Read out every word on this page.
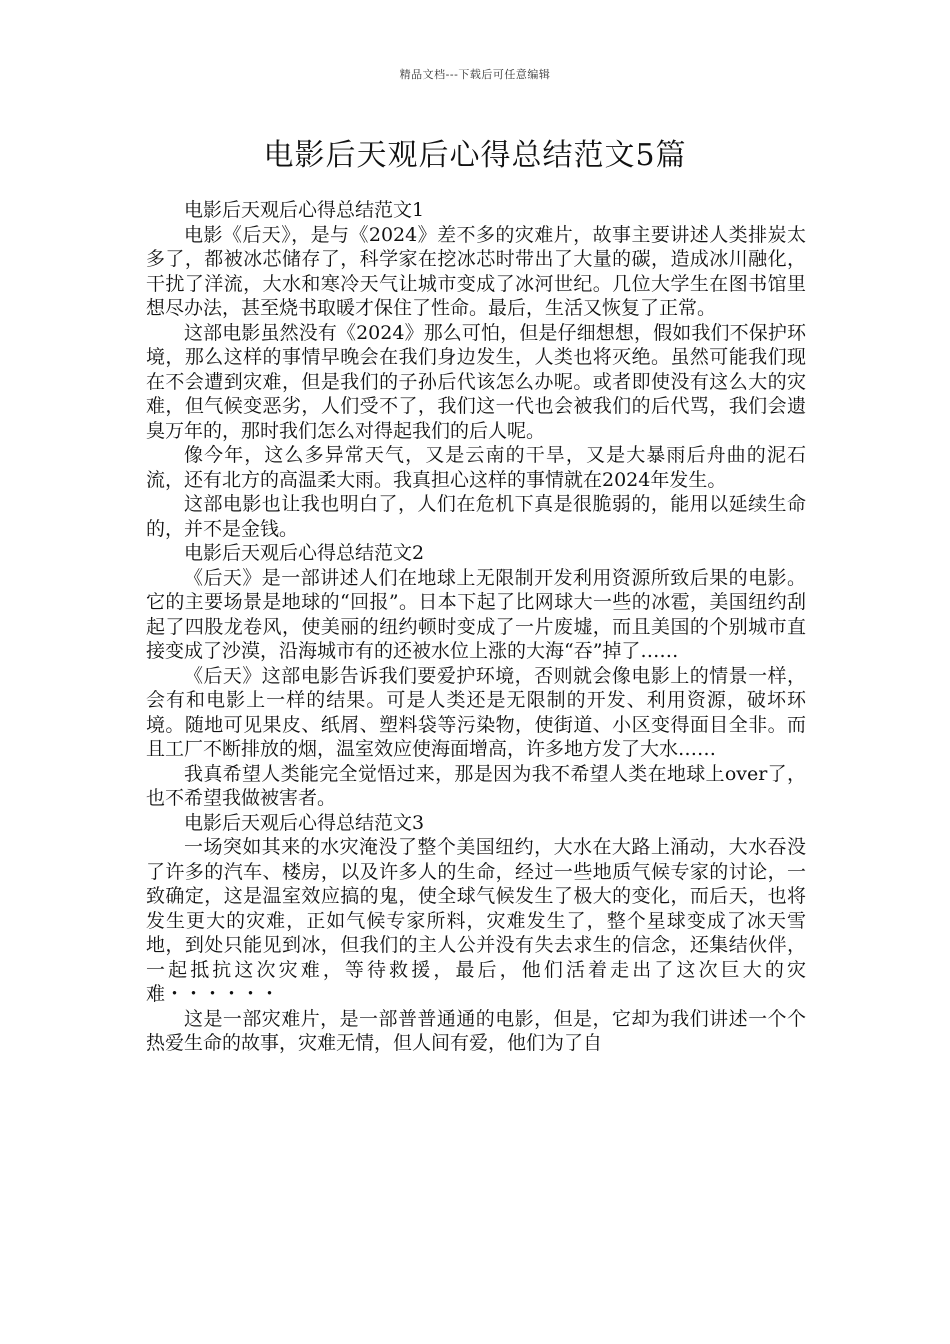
精品文档---下载后可任意编辑
电影后天观后心得总结范文5篇

电影后天观后心得总结范文1

电影《后天》，是与《2024》差不多的灾难片，故事主要讲述人类排炭太多了，都被冰芯储存了，科学家在挖冰芯时带出了大量的碳，造成冰川融化，干扰了洋流，大水和寒冷天气让城市变成了冰河世纪。几位大学生在图书馆里想尽办法，甚至烧书取暖才保住了性命。最后，生活又恢复了正常。

这部电影虽然没有《2024》那么可怕，但是仔细想想，假如我们不保护环境，那么这样的事情早晚会在我们身边发生，人类也将灭绝。虽然可能我们现在不会遭到灾难，但是我们的子孙后代该怎么办呢。或者即使没有这么大的灾难，但气候变恶劣，人们受不了，我们这一代也会被我们的后代骂，我们会遗臭万年的，那时我们怎么对得起我们的后人呢。

像今年，这么多异常天气，又是云南的干旱，又是大暴雨后舟曲的泥石流，还有北方的高温柔大雨。我真担心这样的事情就在2024年发生。

这部电影也让我也明白了，人们在危机下真是很脆弱的，能用以延续生命的，并不是金钱。

电影后天观后心得总结范文2

《后天》是一部讲述人们在地球上无限制开发利用资源所致后果的电影。它的主要场景是地球的“回报”。日本下起了比网球大一些的冰雹，美国纽约刮起了四股龙卷风，使美丽的纽约顿时变成了一片废墟，而且美国的个别城市直接变成了沙漠，沿海城市有的还被水位上涨的大海“吞”掉了……

《后天》这部电影告诉我们要爱护环境，否则就会像电影上的情景一样，会有和电影上一样的结果。可是人类还是无限制的开发、利用资源，破坏环境。随地可见果皮、纸屑、塑料袋等污染物，使街道、小区变得面目全非。而且工厂不断排放的烟，温室效应使海面增高，许多地方发了大水……

我真希望人类能完全觉悟过来，那是因为我不希望人类在地球上over了，也不希望我做被害者。

电影后天观后心得总结范文3

一场突如其来的水灾淹没了整个美国纽约，大水在大路上涌动，大水吞没了许多的汽车、楼房，以及许多人的生命，经过一些地质气候专家的讨论，一致确定，这是温室效应搞的鬼，使全球气候发生了极大的变化，而后天，也将发生更大的灾难，正如气候专家所料，灾难发生了，整个星球变成了冰天雪地，到处只能见到冰，但我们的主人公并没有失去求生的信念，还集结伙伴，一起抵抗这次灾难，等待救援，最后，他们活着走出了这次巨大的灾难・・・・・・

这是一部灾难片，是一部普普通通的电影，但是，它却为我们讲述一个个热爱生命的故事，灾难无情，但人间有爱，他们为了自
